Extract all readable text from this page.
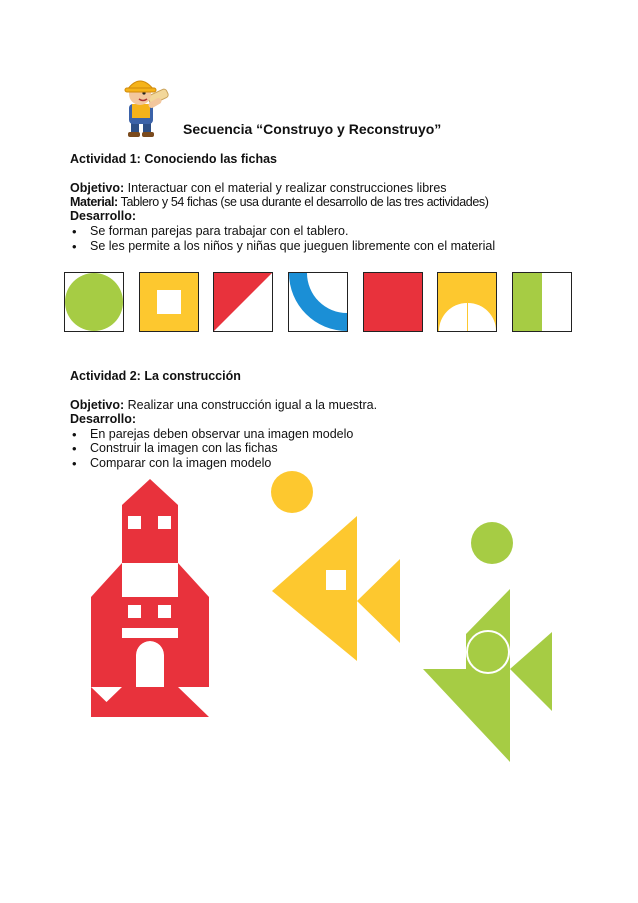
Secuencia “Construyo y Reconstruyo”
Actividad 1: Conociendo las fichas
Objetivo: Interactuar con el material y realizar construcciones libres
Material: Tablero y 54 fichas (se usa durante el desarrollo de las tres actividades)
Desarrollo:
• Se forman parejas para trabajar con el tablero.
• Se les permite a los niños y niñas que jueguen libremente con el material
Actividad 2: La construcción
Objetivo: Realizar una construcción igual a la muestra.
Desarrollo:
• En parejas deben observar una imagen modelo
• Construir la imagen con las fichas
• Comparar con la imagen modelo
